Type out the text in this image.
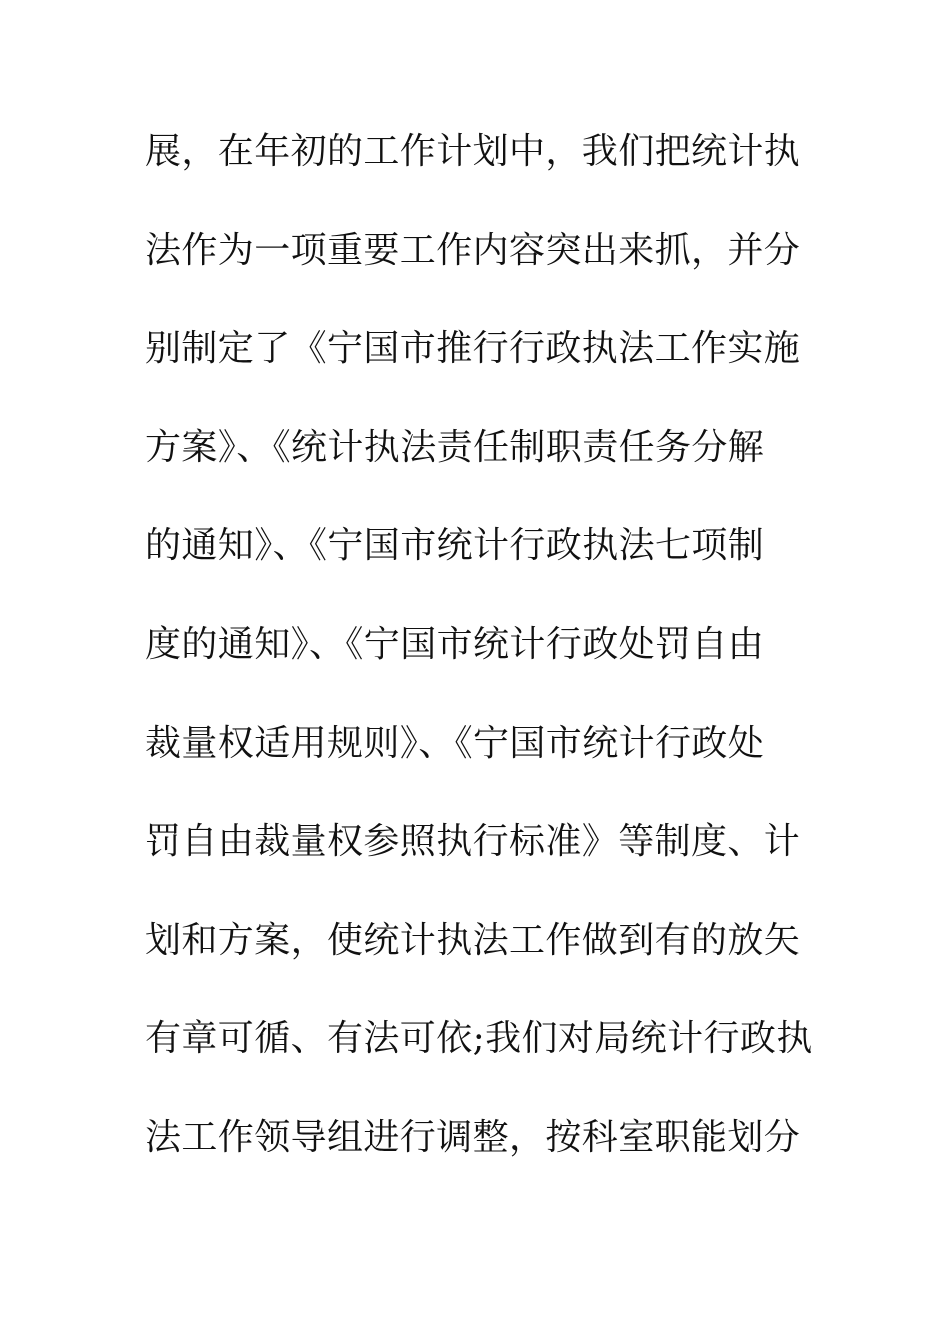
展，在年初的工作计划中，我们把统计执
法作为一项重要工作内容突出来抓，并分
别制定了《宁国市推行行政执法工作实施
方案》、《统计执法责任制职责任务分解
的通知》、《宁国市统计行政执法七项制
度的通知》、《宁国市统计行政处罚自由
裁量权适用规则》、《宁国市统计行政处
罚自由裁量权参照执行标准》等制度、计
划和方案，使统计执法工作做到有的放矢
有章可循、有法可依;我们对局统计行政执
法工作领导组进行调整，按科室职能划分
